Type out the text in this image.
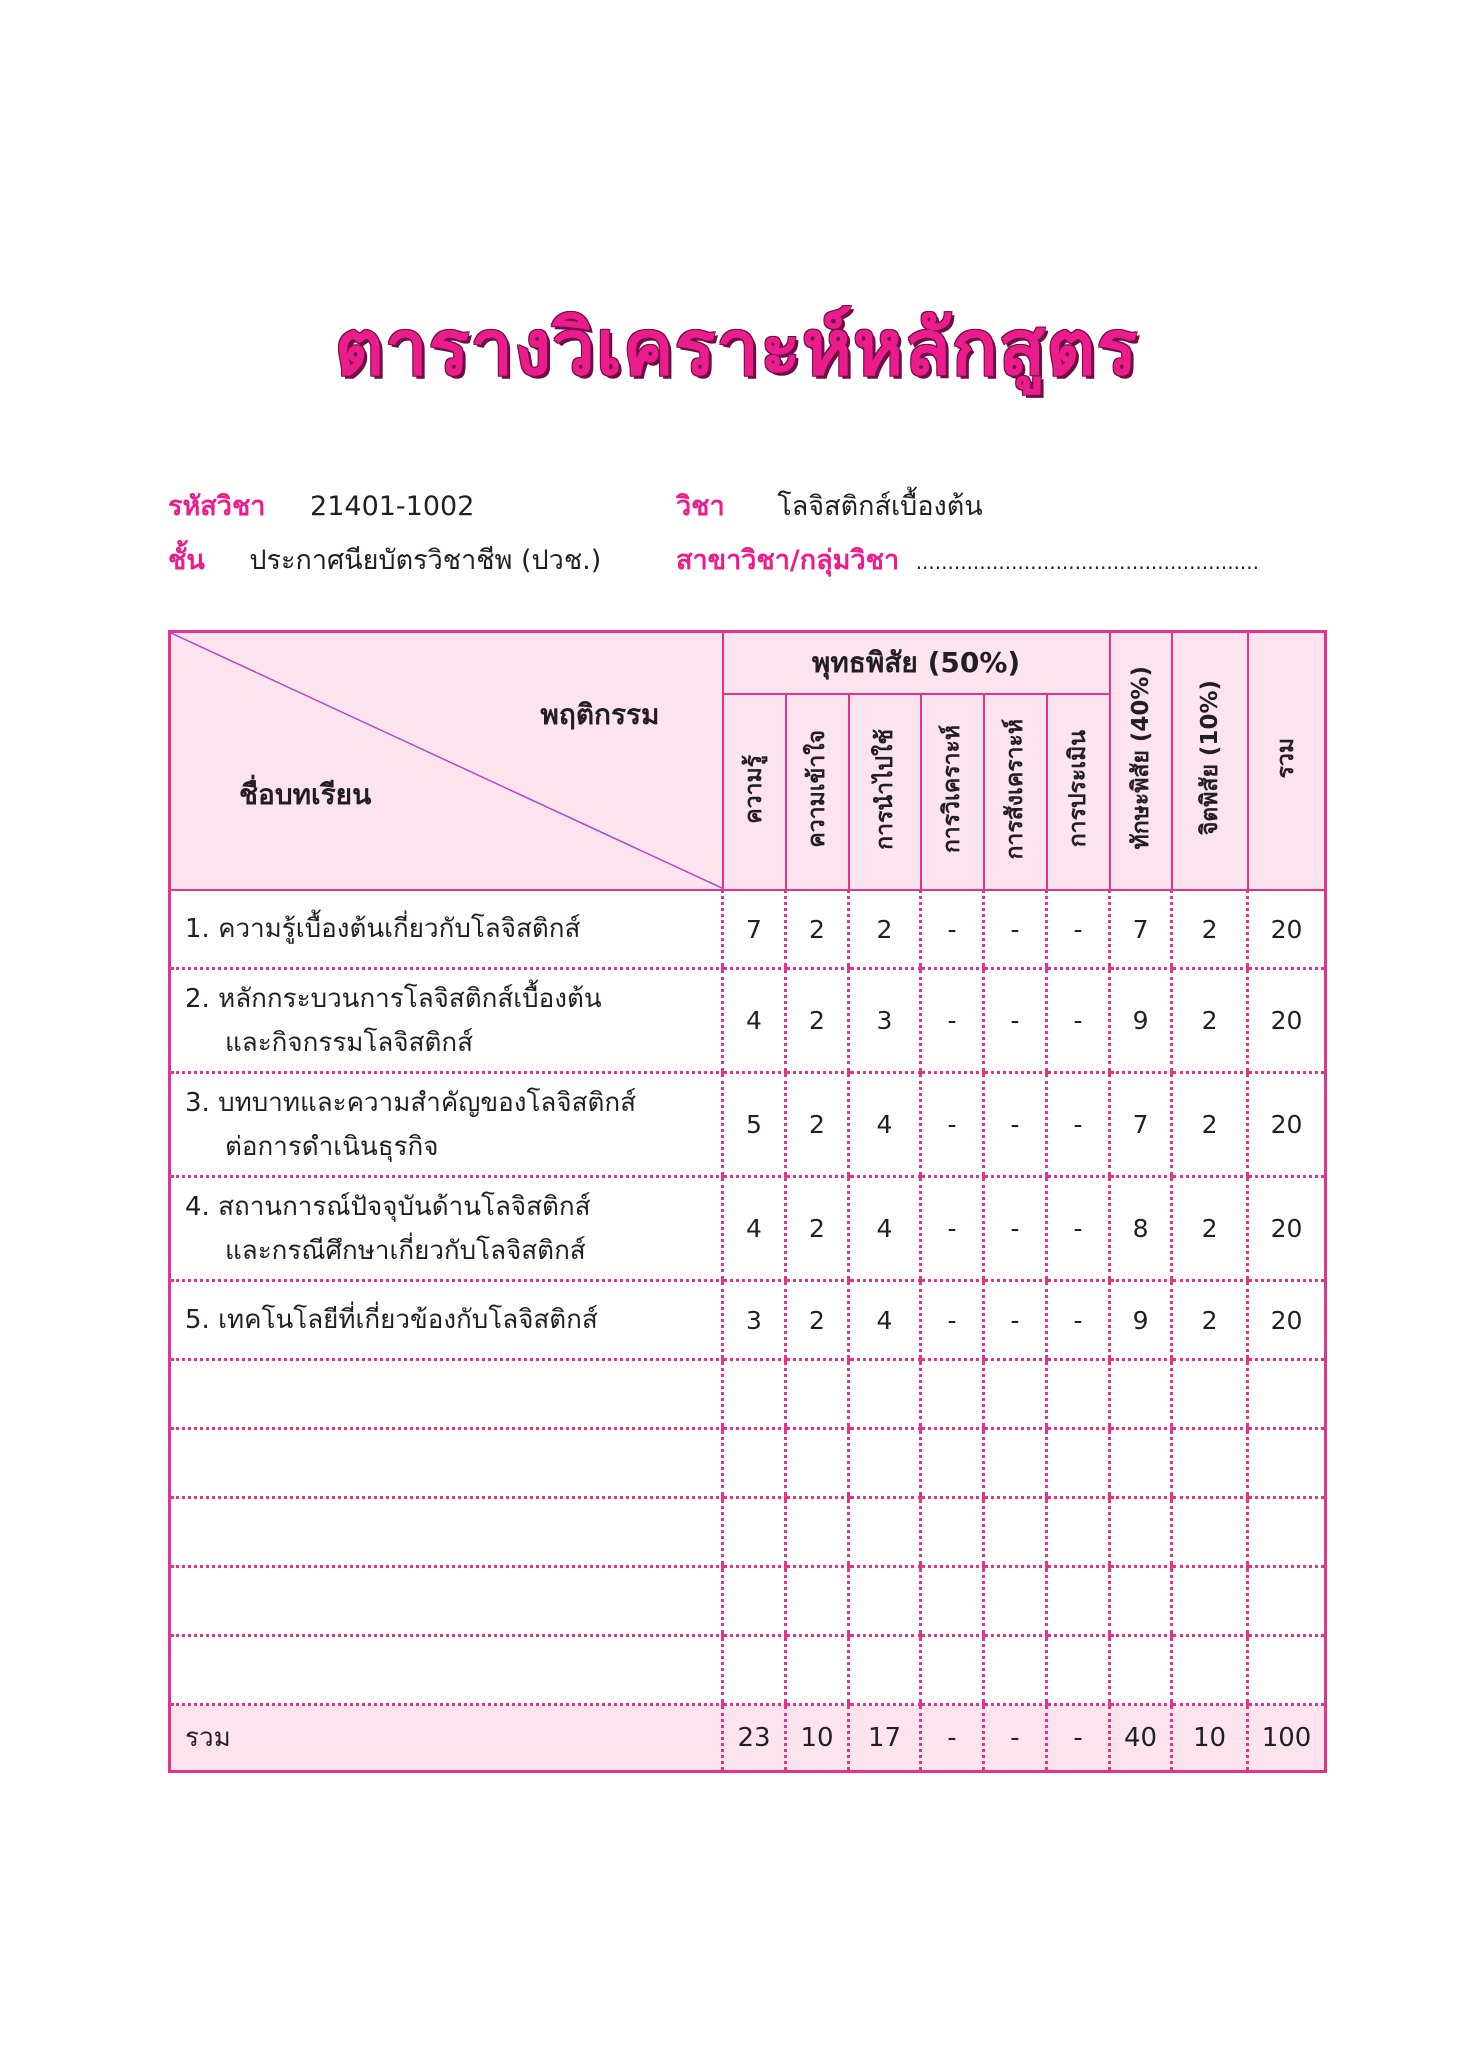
ตารางวิเคราะห์หลักสูตร
รหัสวิชา 21401-1002	วิชา โลจิสติกส์เบื้องต้น
ชั้น ประกาศนียบัตรวิชาชีพ (ปวช.)	สาขาวิชา/กลุ่มวิชา ......................................................
พฤติกรรม
ชื่อบทเรียน	พุทธพิสัย (50%)						ทักษะพิสัย (40%)	จิตพิสัย (10%)	รวม
	ความรู้	ความเข้าใจ	การนำไปใช้	การวิเคราะห์	การสังเคราะห์	การประเมิน			
1. ความรู้เบื้องต้นเกี่ยวกับโลจิสติกส์	7	2	2	-	-	-	7	2	20
2. หลักกระบวนการโลจิสติกส์เบื้องต้น
และกิจกรรมโลจิสติกส์	4	2	3	-	-	-	9	2	20
3. บทบาทและความสำคัญของโลจิสติกส์
ต่อการดำเนินธุรกิจ	5	2	4	-	-	-	7	2	20
4. สถานการณ์ปัจจุบันด้านโลจิสติกส์
และกรณีศึกษาเกี่ยวกับโลจิสติกส์	4	2	4	-	-	-	8	2	20
5. เทคโนโลยีที่เกี่ยวข้องกับโลจิสติกส์	3	2	4	-	-	-	9	2	20

รวม	23	10	17	-	-	-	40	10	100
